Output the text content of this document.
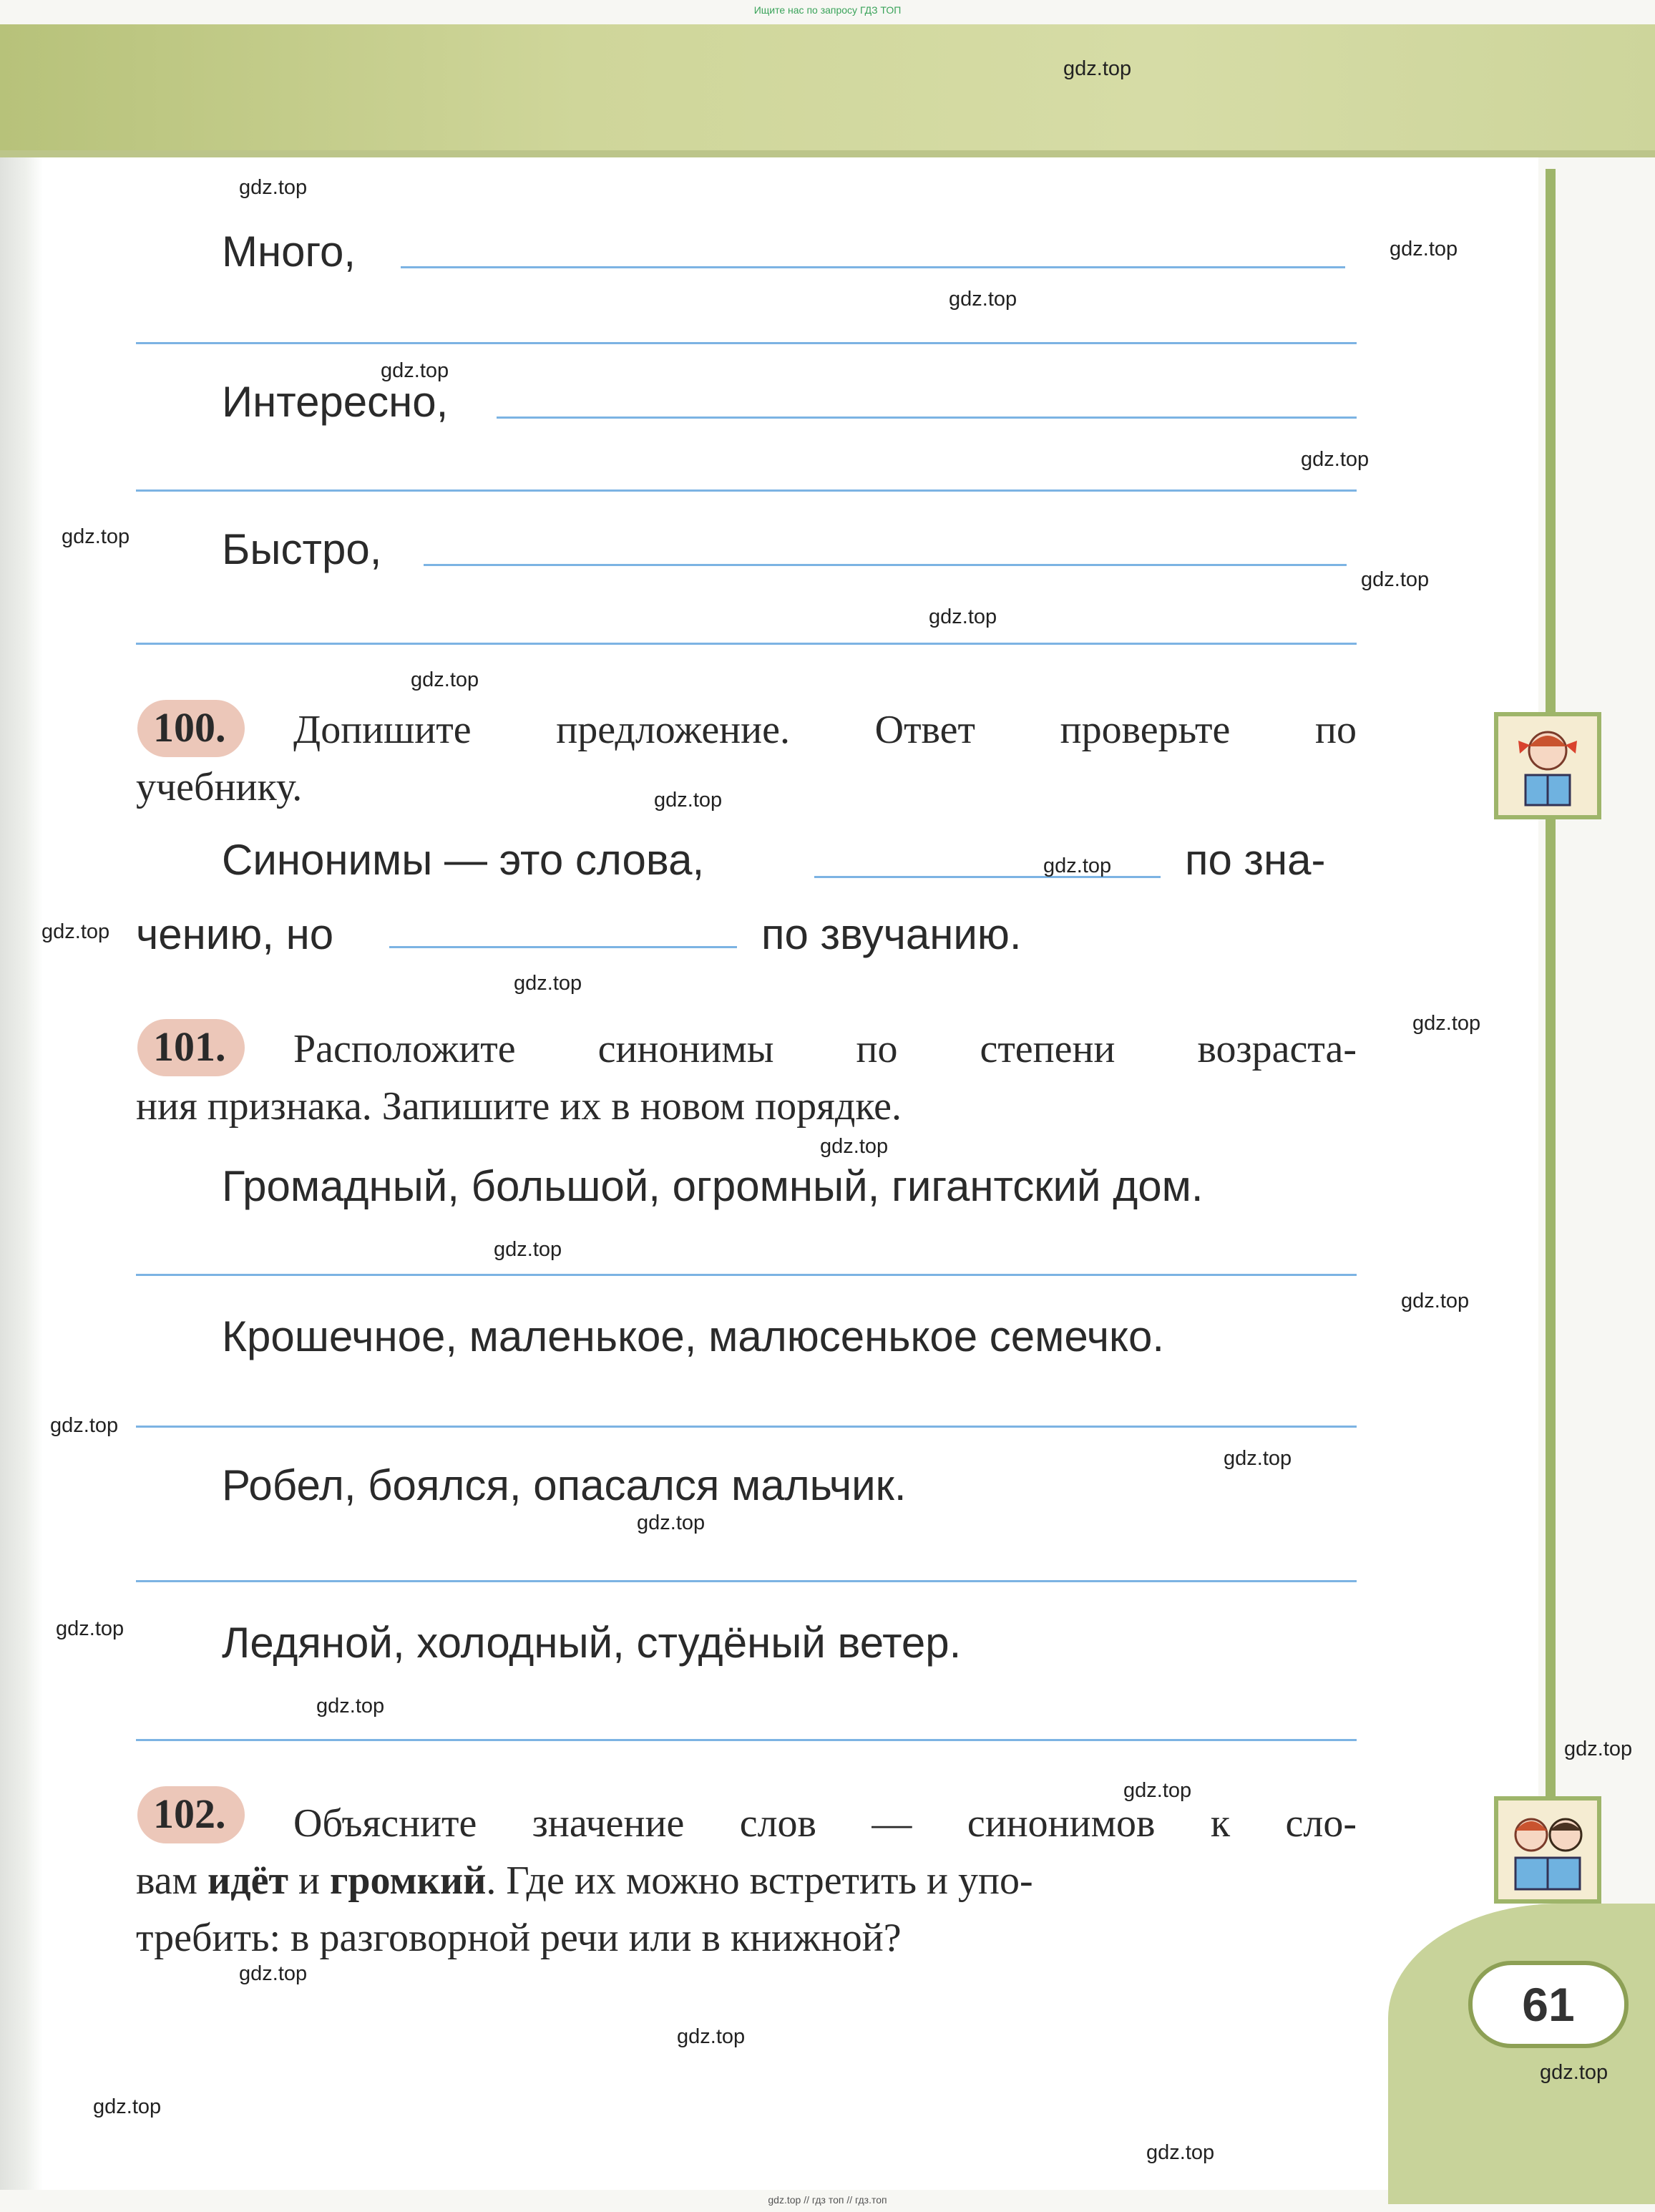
Ищите нас по запросу ГДЗ ТОП
Много,
Интересно,
Быстро,
100.	Допишите предложение. Ответ проверьте по
учебнику.
Синонимы — это слова,	по зна-
чению, но	по звучанию.
101.	Расположите синонимы по степени возраста-
ния признака. Запишите их в новом порядке.
Громадный, большой, огромный, гигантский дом.
Крошечное, маленькое, малюсенькое семечко.
Робел, боялся, опасался мальчик.
Ледяной, холодный, студёный ветер.
102.	Объясните значение слов — синонимов к сло-
вам идёт и громкий. Где их можно встретить и упо-
требить: в разговорной речи или в книжной?
61
gdz.top
gdz.top
gdz.top
gdz.top
gdz.top
gdz.top
gdz.top
gdz.top
gdz.top
gdz.top
gdz.top
gdz.top
gdz.top
gdz.top
gdz.top
gdz.top
gdz.top
gdz.top
gdz.top
gdz.top
gdz.top
gdz.top
gdz.top
gdz.top
gdz.top
gdz.top
gdz.top
gdz.top
gdz.top
gdz.top
gdz.top // гдз топ // гдз.топ
